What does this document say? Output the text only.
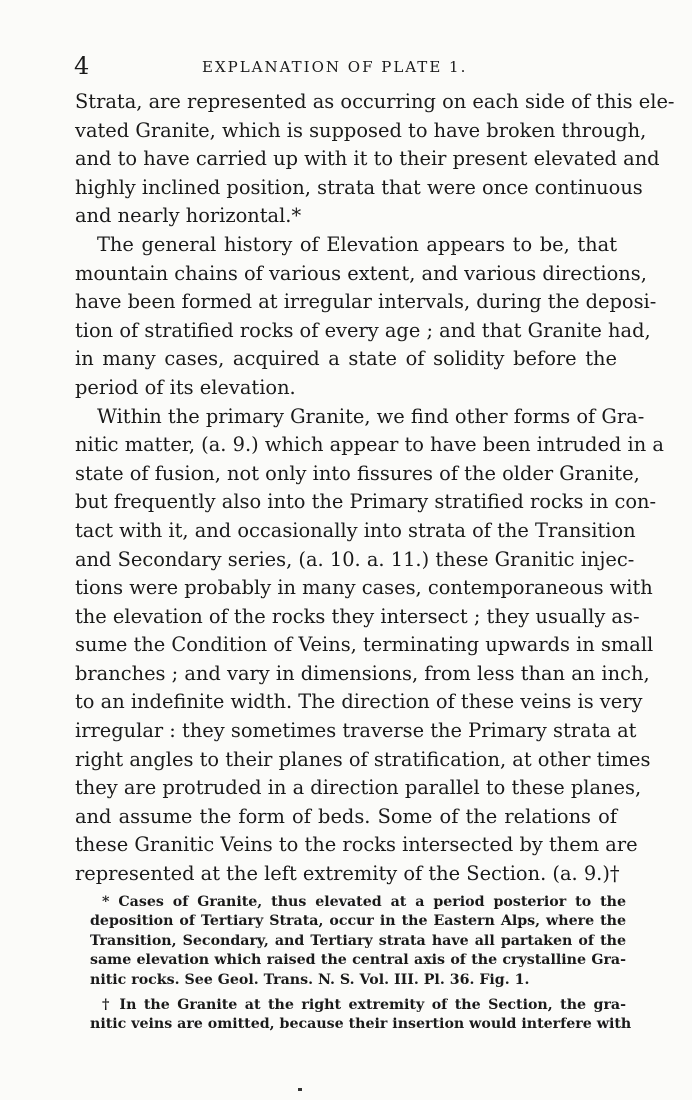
4	EXPLANATION OF PLATE 1.

Strata, are represented as occurring on each side of this ele-
vated Granite, which is supposed to have broken through,
and to have carried up with it to their present elevated and
highly inclined position, strata that were once continuous
and nearly horizontal.*

The general history of Elevation appears to be, that
mountain chains of various extent, and various directions,
have been formed at irregular intervals, during the deposi-
tion of stratified rocks of every age ; and that Granite had,
in many cases, acquired a state of solidity before the
period of its elevation.

Within the primary Granite, we find other forms of Gra-
nitic matter, (a. 9.) which appear to have been intruded in a
state of fusion, not only into fissures of the older Granite,
but frequently also into the Primary stratified rocks in con-
tact with it, and occasionally into strata of the Transition
and Secondary series, (a. 10. a. 11.) these Granitic injec-
tions were probably in many cases, contemporaneous with
the elevation of the rocks they intersect ; they usually as-
sume the Condition of Veins, terminating upwards in small
branches ; and vary in dimensions, from less than an inch,
to an indefinite width. The direction of these veins is very
irregular : they sometimes traverse the Primary strata at
right angles to their planes of stratification, at other times
they are protruded in a direction parallel to these planes,
and assume the form of beds. Some of the relations of
these Granitic Veins to the rocks intersected by them are
represented at the left extremity of the Section. (a. 9.)†

* Cases of Granite, thus elevated at a period posterior to the
deposition of Tertiary Strata, occur in the Eastern Alps, where the
Transition, Secondary, and Tertiary strata have all partaken of the
same elevation which raised the central axis of the crystalline Gra-
nitic rocks. See Geol. Trans. N. S. Vol. III. Pl. 36. Fig. 1.

† In the Granite at the right extremity of the Section, the gra-
nitic veins are omitted, because their insertion would interfere with
